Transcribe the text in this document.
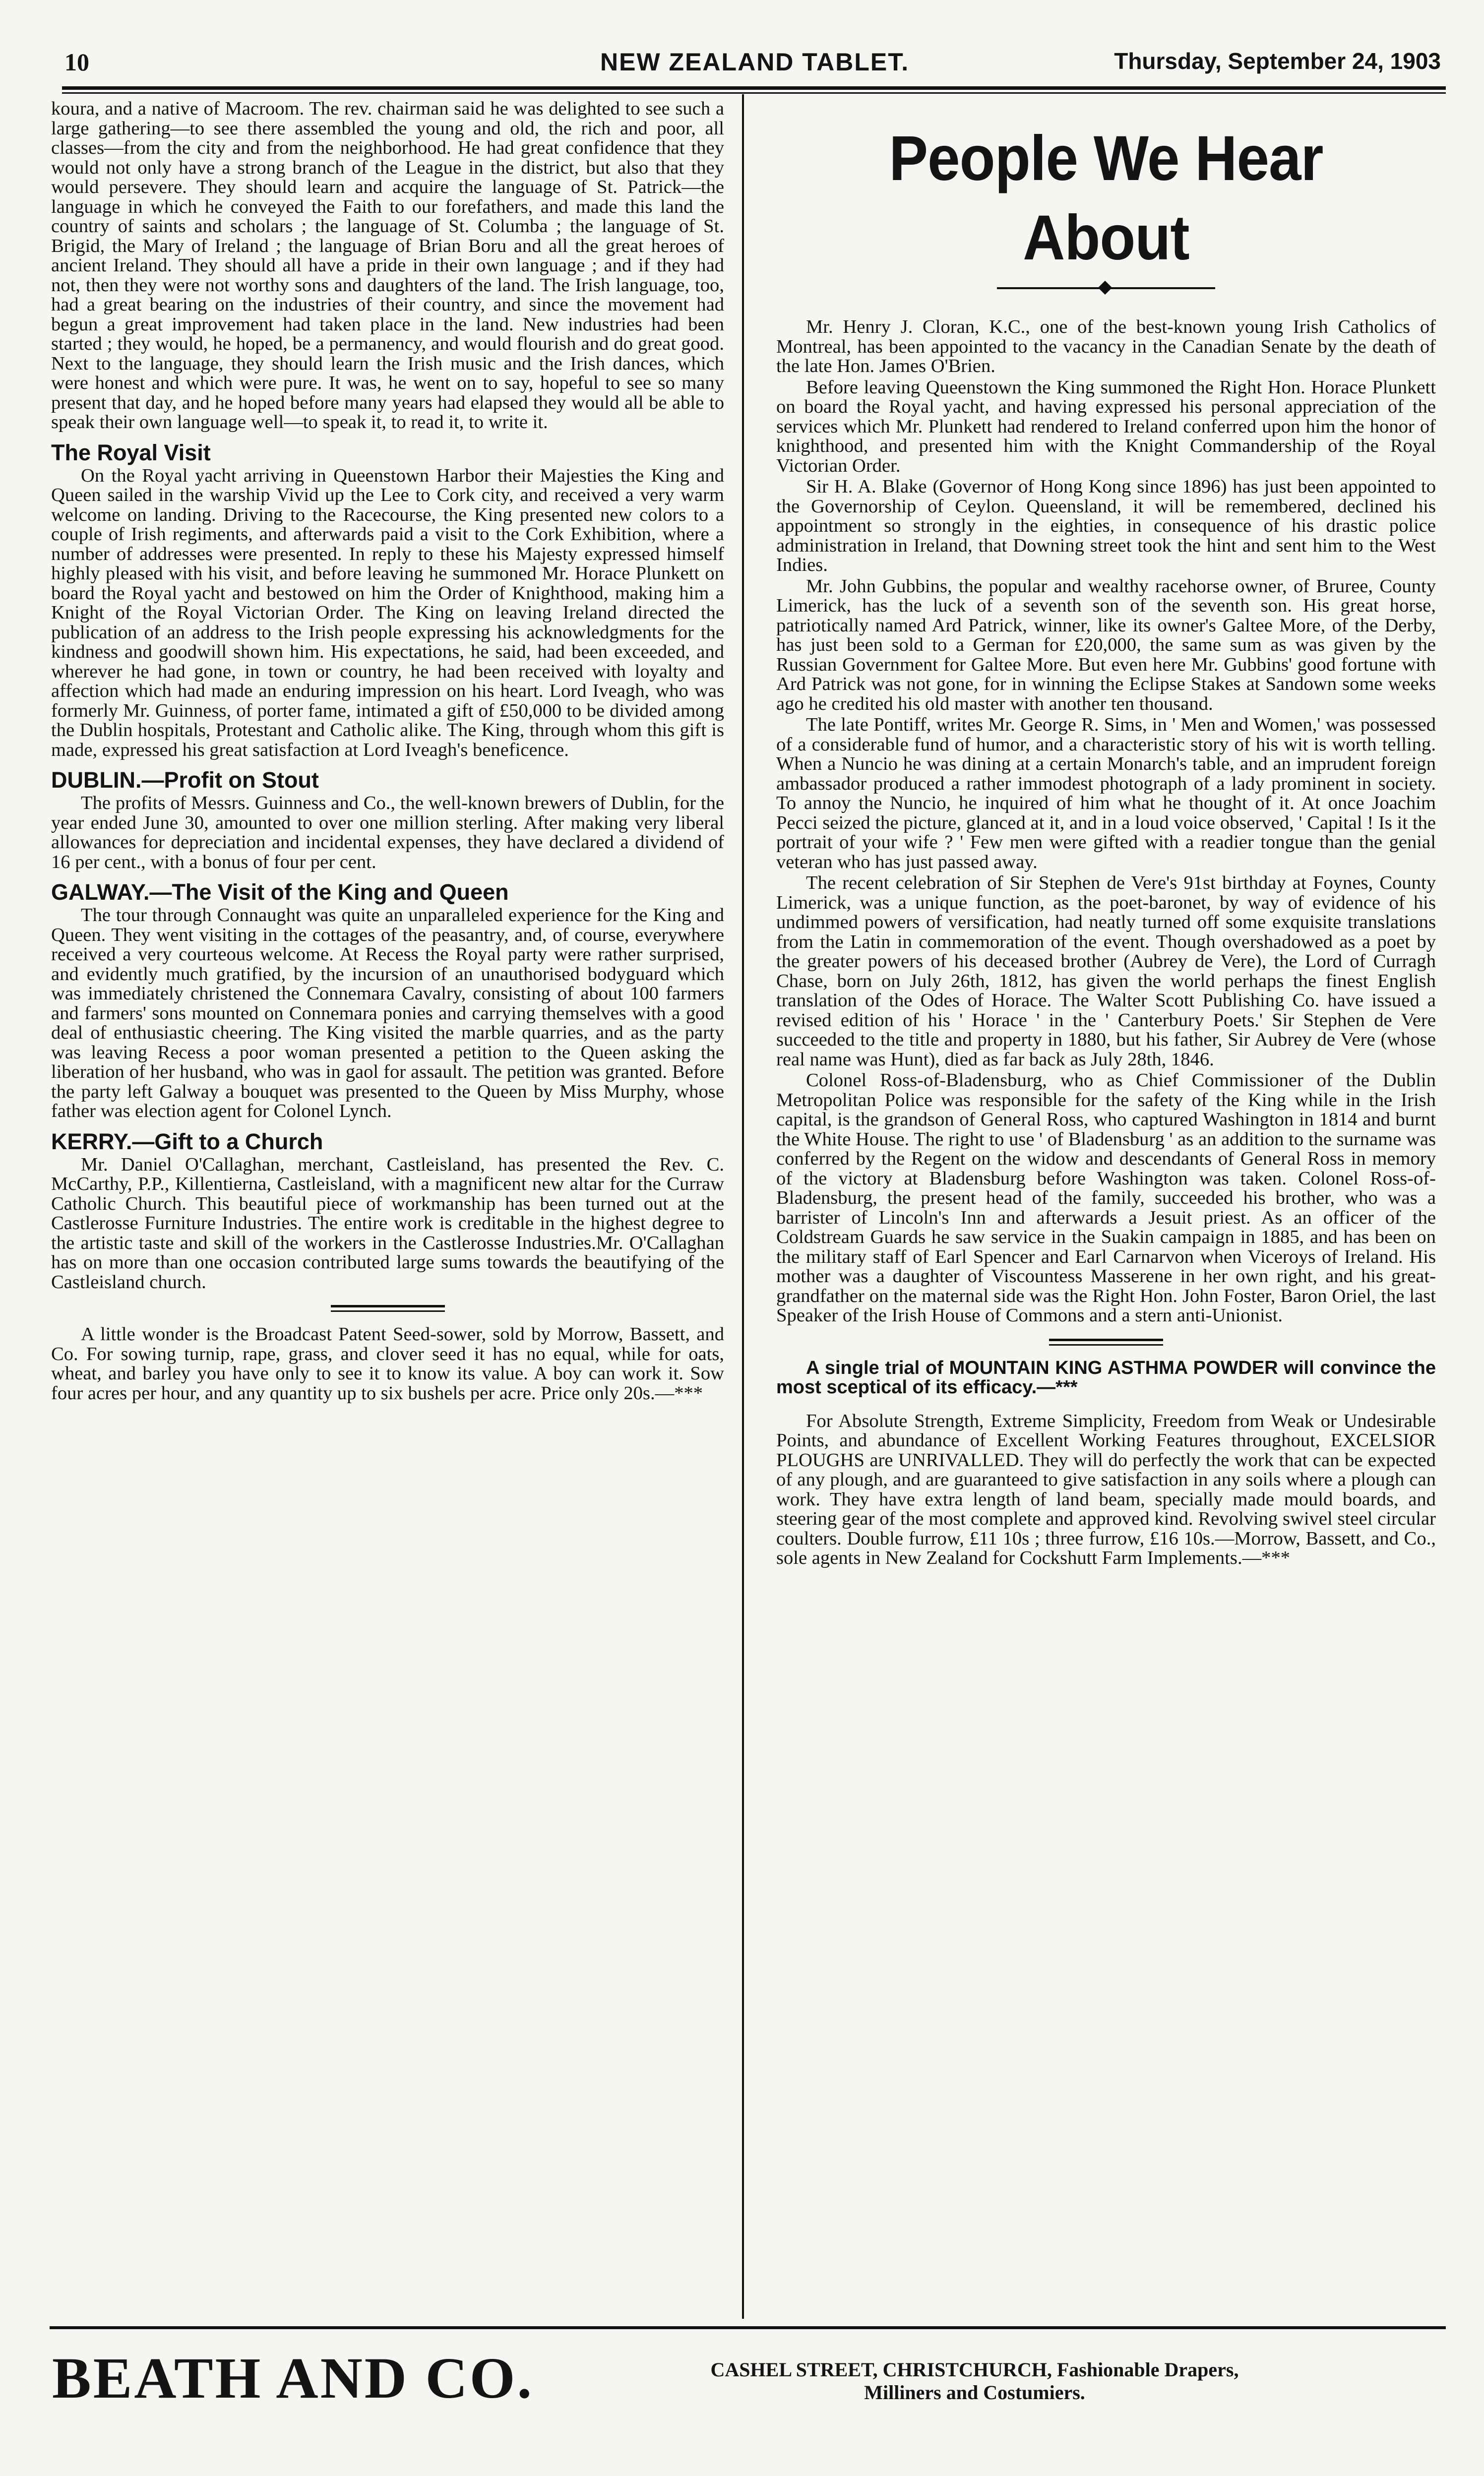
10	NEW ZEALAND TABLET.	Thursday, September 24, 1903

koura, and a native of Macroom. The rev. chairman said he was delighted to see such a large gathering—to see there assembled the young and old, the rich and poor, all classes—from the city and from the neighborhood. He had great confidence that they would not only have a strong branch of the League in the district, but also that they would persevere. They should learn and acquire the language of St. Patrick—the language in which he conveyed the Faith to our forefathers, and made this land the country of saints and scholars ; the language of St. Columba ; the language of St. Brigid, the Mary of Ireland ; the language of Brian Boru and all the great heroes of ancient Ireland. They should all have a pride in their own language ; and if they had not, then they were not worthy sons and daughters of the land. The Irish language, too, had a great bearing on the industries of their country, and since the movement had begun a great improvement had taken place in the land. New industries had been started ; they would, he hoped, be a permanency, and would flourish and do great good. Next to the language, they should learn the Irish music and the Irish dances, which were honest and which were pure. It was, he went on to say, hopeful to see so many present that day, and he hoped before many years had elapsed they would all be able to speak their own language well—to speak it, to read it, to write it.

The Royal Visit

On the Royal yacht arriving in Queenstown Harbor their Majesties the King and Queen sailed in the warship Vivid up the Lee to Cork city, and received a very warm welcome on landing. Driving to the Racecourse, the King presented new colors to a couple of Irish regiments, and afterwards paid a visit to the Cork Exhibition, where a number of addresses were presented. In reply to these his Majesty expressed himself highly pleased with his visit, and before leaving he summoned Mr. Horace Plunkett on board the Royal yacht and bestowed on him the Order of Knighthood, making him a Knight of the Royal Victorian Order. The King on leaving Ireland directed the publication of an address to the Irish people expressing his acknowledgments for the kindness and goodwill shown him. His expectations, he said, had been exceeded, and wherever he had gone, in town or country, he had been received with loyalty and affection which had made an enduring impression on his heart. Lord Iveagh, who was formerly Mr. Guinness, of porter fame, intimated a gift of £50,000 to be divided among the Dublin hospitals, Protestant and Catholic alike. The King, through whom this gift is made, expressed his great satisfaction at Lord Iveagh's beneficence.

DUBLIN.—Profit on Stout

The profits of Messrs. Guinness and Co., the well-known brewers of Dublin, for the year ended June 30, amounted to over one million sterling. After making very liberal allowances for depreciation and incidental expenses, they have declared a dividend of 16 per cent., with a bonus of four per cent.

GALWAY.—The Visit of the King and Queen

The tour through Connaught was quite an unparalleled experience for the King and Queen. They went visiting in the cottages of the peasantry, and, of course, everywhere received a very courteous welcome. At Recess the Royal party were rather surprised, and evidently much gratified, by the incursion of an unauthorised bodyguard which was immediately christened the Connemara Cavalry, consisting of about 100 farmers and farmers' sons mounted on Connemara ponies and carrying themselves with a good deal of enthusiastic cheering. The King visited the marble quarries, and as the party was leaving Recess a poor woman presented a petition to the Queen asking the liberation of her husband, who was in gaol for assault. The petition was granted. Before the party left Galway a bouquet was presented to the Queen by Miss Murphy, whose father was election agent for Colonel Lynch.

KERRY.—Gift to a Church

Mr. Daniel O'Callaghan, merchant, Castleisland, has presented the Rev. C. McCarthy, P.P., Killentierna, Castleisland, with a magnificent new altar for the Curraw Catholic Church. This beautiful piece of workmanship has been turned out at the Castlerosse Furniture Industries. The entire work is creditable in the highest degree to the artistic taste and skill of the workers in the Castlerosse Industries.Mr. O'Callaghan has on more than one occasion contributed large sums towards the beautifying of the Castleisland church.

A little wonder is the Broadcast Patent Seed-sower, sold by Morrow, Bassett, and Co. For sowing turnip, rape, grass, and clover seed it has no equal, while for oats, wheat, and barley you have only to see it to know its value. A boy can work it. Sow four acres per hour, and any quantity up to six bushels per acre. Price only 20s.—***

People We Hear About

Mr. Henry J. Cloran, K.C., one of the best-known young Irish Catholics of Montreal, has been appointed to the vacancy in the Canadian Senate by the death of the late Hon. James O'Brien.

Before leaving Queenstown the King summoned the Right Hon. Horace Plunkett on board the Royal yacht, and having expressed his personal appreciation of the services which Mr. Plunkett had rendered to Ireland conferred upon him the honor of knighthood, and presented him with the Knight Commandership of the Royal Victorian Order.

Sir H. A. Blake (Governor of Hong Kong since 1896) has just been appointed to the Governorship of Ceylon. Queensland, it will be remembered, declined his appointment so strongly in the eighties, in consequence of his drastic police administration in Ireland, that Downing street took the hint and sent him to the West Indies.

Mr. John Gubbins, the popular and wealthy racehorse owner, of Bruree, County Limerick, has the luck of a seventh son of the seventh son. His great horse, patriotically named Ard Patrick, winner, like its owner's Galtee More, of the Derby, has just been sold to a German for £20,000, the same sum as was given by the Russian Government for Galtee More. But even here Mr. Gubbins' good fortune with Ard Patrick was not gone, for in winning the Eclipse Stakes at Sandown some weeks ago he credited his old master with another ten thousand.

The late Pontiff, writes Mr. George R. Sims, in ' Men and Women,' was possessed of a considerable fund of humor, and a characteristic story of his wit is worth telling. When a Nuncio he was dining at a certain Monarch's table, and an imprudent foreign ambassador produced a rather immodest photograph of a lady prominent in society. To annoy the Nuncio, he inquired of him what he thought of it. At once Joachim Pecci seized the picture, glanced at it, and in a loud voice observed, ' Capital ! Is it the portrait of your wife ? ' Few men were gifted with a readier tongue than the genial veteran who has just passed away.

The recent celebration of Sir Stephen de Vere's 91st birthday at Foynes, County Limerick, was a unique function, as the poet-baronet, by way of evidence of his undimmed powers of versification, had neatly turned off some exquisite translations from the Latin in commemoration of the event. Though overshadowed as a poet by the greater powers of his deceased brother (Aubrey de Vere), the Lord of Curragh Chase, born on July 26th, 1812, has given the world perhaps the finest English translation of the Odes of Horace. The Walter Scott Publishing Co. have issued a revised edition of his ' Horace ' in the ' Canterbury Poets.' Sir Stephen de Vere succeeded to the title and property in 1880, but his father, Sir Aubrey de Vere (whose real name was Hunt), died as far back as July 28th, 1846.

Colonel Ross-of-Bladensburg, who as Chief Commissioner of the Dublin Metropolitan Police was responsible for the safety of the King while in the Irish capital, is the grandson of General Ross, who captured Washington in 1814 and burnt the White House. The right to use ' of Bladensburg ' as an addition to the surname was conferred by the Regent on the widow and descendants of General Ross in memory of the victory at Bladensburg before Washington was taken. Colonel Ross-of-Bladensburg, the present head of the family, succeeded his brother, who was a barrister of Lincoln's Inn and afterwards a Jesuit priest. As an officer of the Coldstream Guards he saw service in the Suakin campaign in 1885, and has been on the military staff of Earl Spencer and Earl Carnarvon when Viceroys of Ireland. His mother was a daughter of Viscountess Masserene in her own right, and his great-grandfather on the maternal side was the Right Hon. John Foster, Baron Oriel, the last Speaker of the Irish House of Commons and a stern anti-Unionist.

A single trial of MOUNTAIN KING ASTHMA POWDER will convince the most sceptical of its efficacy.—***

For Absolute Strength, Extreme Simplicity, Freedom from Weak or Undesirable Points, and abundance of Excellent Working Features throughout, EXCELSIOR PLOUGHS are UNRIVALLED. They will do perfectly the work that can be expected of any plough, and are guaranteed to give satisfaction in any soils where a plough can work. They have extra length of land beam, specially made mould boards, and steering gear of the most complete and approved kind. Revolving swivel steel circular coulters. Double furrow, £11 10s ; three furrow, £16 10s.—Morrow, Bassett, and Co., sole agents in New Zealand for Cockshutt Farm Implements.—***

BEATH AND CO.	CASHEL STREET, CHRISTCHURCH, Fashionable Drapers,
Milliners and Costumiers.
